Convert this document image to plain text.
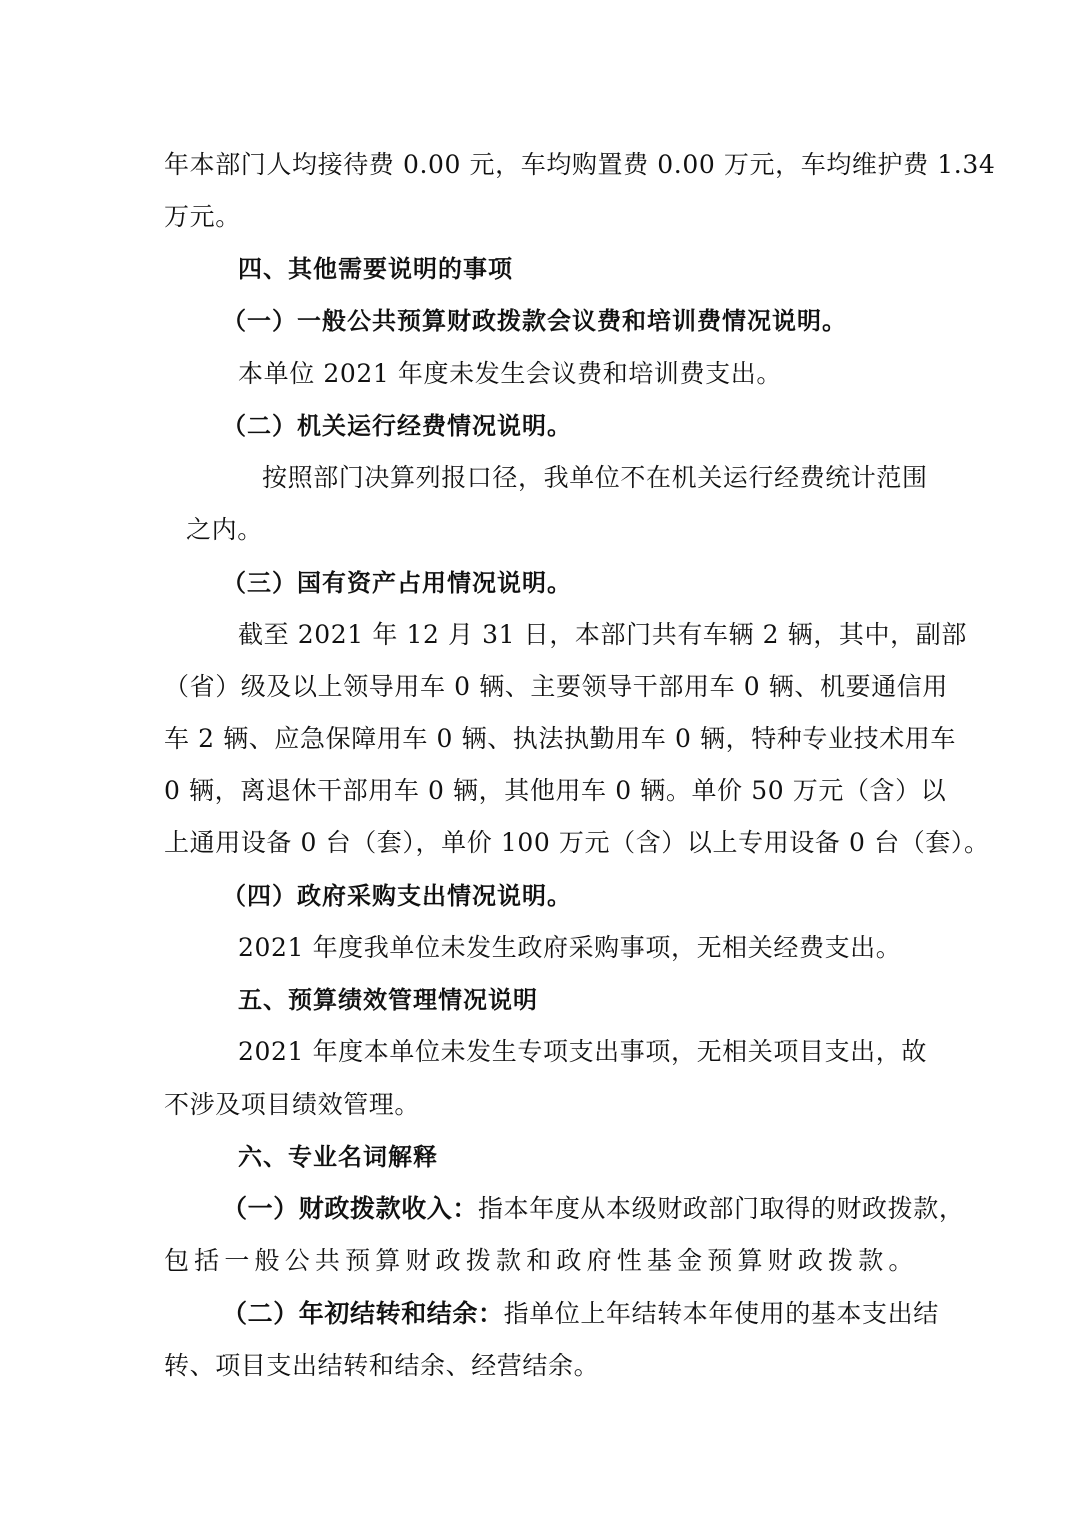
年本部门人均接待费 0.00 元，车均购置费 0.00 万元，车均维护费 1.34
万元。
四、其他需要说明的事项
（一）一般公共预算财政拨款会议费和培训费情况说明。
本单位 2021 年度未发生会议费和培训费支出。
（二）机关运行经费情况说明。
按照部门决算列报口径，我单位不在机关运行经费统计范围
之内。
（三）国有资产占用情况说明。
截至 2021 年 12 月 31 日，本部门共有车辆 2 辆，其中，副部
（省）级及以上领导用车 0 辆、主要领导干部用车 0 辆、机要通信用
车 2 辆、应急保障用车 0 辆、执法执勤用车 0 辆，特种专业技术用车
0 辆，离退休干部用车 0 辆，其他用车 0 辆。单价 50 万元（含）以
上通用设备 0 台（套），单价 100 万元（含）以上专用设备 0 台（套）。
（四）政府采购支出情况说明。
2021 年度我单位未发生政府采购事项，无相关经费支出。
五、预算绩效管理情况说明
2021 年度本单位未发生专项支出事项，无相关项目支出，故
不涉及项目绩效管理。
六、专业名词解释
（一）财政拨款收入：指本年度从本级财政部门取得的财政拨款，
包括一般公共预算财政拨款和政府性基金预算财政拨款。
（二）年初结转和结余：指单位上年结转本年使用的基本支出结
转、项目支出结转和结余、经营结余。
